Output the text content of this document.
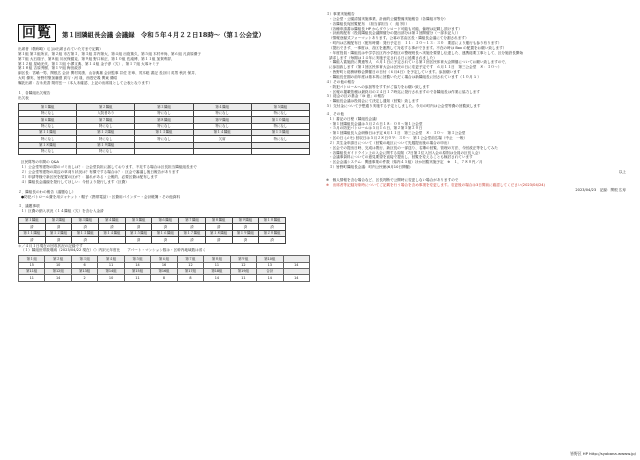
回覧	第１回隣組長会議 会議録　令和５年４月２２日18時～（第１公会堂）

出席者（敬称略）（[ ]は出席されていた方まで記載）

第１組 第３組所京、第２組 市古第３、第３組 井内第大、第４組 出島篤久、第５組 木村幸尚、第６組 凡高原優子

第７組 大石瑞子、第８組 川尻保健克、第９組 野口和正、第１０組 佐滝博、第１１組 加賀利昇、

第１２組 星崎光代、第１３組 小澤又典、第１４組 金子淳（欠）、第１７組 大塚キミ子

第１８組 吉原秀樹、第１９組 梅田政彦

副区長：宮嶋一男、関根広 会計 関村英康、山谷典雄 会計監事 井佐 宏章、茂木聡 書記 長谷川 英男 秋沢 保井、

大町 優実、皆野村聖加藤澄 貢与・河 哉、西巻史義 関東 優昭

嘱託出席：吉永美香 岡村岳一（本人未確認、上記の出席員として公表となります）

１．各隣組出欠報告
出欠表
第１隣組	第２隣組	第３隣組	第４隣組	第５隣組
特になし	入院者あり	特になし	特になし	特になし
第６隣組	第７隣組	第８隣組	第９隣組	第１０隣組
特になし	特になし	特になし	特になし	特になし
第１１隣組	第１２隣組	第１３隣組	第１４隣組	第１５隣組
特になし	特になし	特になし	欠席	特になし
第１８隣組	第１９隣組			
特になし	特になし			

区民隊等の年間の Q&A

１）公会堂等建物の際のゴミ出しは？：公会堂負担に漏しております、不足する場合は区長担当隣組組長まで

２）公会堂等建物の周辺の草刈り状況は？有償でする場合は？：区会で審議し後日報告があります

３）申請等様で新区民を配置の区が？：漏れがある・公報的、必要区費は配布します

４）隣組長会議録を発行してほしい：今回より発行します（区費）

２．隣組長のわの報告（議題なし）

●防犯パトロール費を用ジャケット・帽子（携帯電話）・区費用パインダー・会計帳簿・その他資料

３．議題事項

１）区費の納入状況（１４隣組（欠）を含む入金済

第１隣組	第２隣組	第３隣組	第４隣組	第５隣組	第６隣組	第７隣組	第８隣組	第９隣組	第１０隣組
済	済	済	済	済	済	済	済	済	済
第１１隣組	第１２隣組	第１３隣組	第１４隣組	第１５隣組	第１６隣組	第１７隣組	第１８隣組	第１９隣組	第２０隣組
済	済	済		済	済	済	済	済	済

＊／４月１日現在の回収状況の記録です

（１）隣組世帯数増減（2023/04/22 現在）（）内訳元年度比　　アパート・マンション数は・区幹内地域数は省く

第１組	第２組	第３組	第４組	第５組	第６組	第７組	第８組	第９組	第10組	
15	10	6	11	14	16	12	11	12	13	14
第11組	第12組	第13組	第14組	第15組	第16組	第17組	第18組	第19組	合計	
11	14	2	10	11	8	8	14	11	14	14

３）事業実施報告

・公会堂・公園清掃実施事業、計画的公園整備実施報告（各隣組平等分）

・各隣組長宛回覧配布　（担当部担当（　組 別））

（各種申請書は隣組長 HP からダウンロード可能も可能、倫理は記載し頂けます）

・計画的配布（役員隣組長会議開催分の提出部分は第３回開催分（一部未記入））

（情報登録式フォーマットあります。公募の宮由区長・隣組長会議にて分割されます）

・町内は広報配布日（配布時期：発行予定日　１１：３０～１３：３０　要認により運行も参り有ります）

（提出できず、一事度は、各区を連携して対応する事ができます。不在の時は Box の配置をお願い致します）

・年度役員・隣組長は中学学区区内小学校区の整理班長へ実施を要望し伝達した、連携総要工事として、区分施設長開始

請求します（毎期は１４年に実施予定される日に延期されました）

・隣組入賞施設に関連等人　６月１日に予定されている第１回区民体育大会開催についてお願い致しますので、

に参加致します（第１回区民体育大会は区民の日に変更予定です　６月１１日　第三公会堂　８：３０～）

・皆野町と総務研修会開催日の日付（６月4日）を予定しています。参加願います

・隣組長任期の前年度は基本的に回覧いただく場合は新隣組長に回されています（１０月 1 ）

４）その他の報告

・防犯パトロールへの参加等をすすがご協力をお願い致します

・区報の掲載依頼は最終月の２４日１７時迄に発行されますので各隣組長は作業に協力します

５）総会の区の基金「ゆ 意」の報告

・隣組長会議は役員会にて決定し通知（回覧）致します

５）交付金について予想通り実施する予定としました。今月の町内は公会堂等費の回覧致します

４．その他

１）書記の日程（隣組長会議）

・第１回隣組長会議は５月２６日１８：００～第１公会堂

・５月の防犯パトロールは５月１６日、第２第５第２０日

・第１回隣組長入会研修日は予定 6月１１日　第三公会堂　８：３０～　第３公会堂

・区の日 (メモ) 回収日は５月２８日０９：３０～　第１公会堂前広場（中止　一般）

２）共生金申請日について（回覧の地区について先週提出後の場合の申出）

・区会での提出日時、完成は既行、新区長の一部送り、名簿の回覧、管理の方法、今回改正等をしてみた

・各隣組長ガイドライン上の入会に関する周知（7日第３位入回入会の原則は全員の区長入会）

・会議事資料についての意見要望を直接で提出し、回覧を変えることも検討されています

・区会会議システム：関連事業の件数（県内４５組）ほか回覧実施予定　※　１，７８０円／月

３）皆野町隣組長会議：町内公民館(6月10日開催)

以上

※　個人情報を含む場合など、区長判断で公開時に変更しない場合がありますので

※　出席者等記録対象時についてご記載を行う場合を含め事項を変更します。変更後の場合は3日間前に確認してください(2023/04/24)

2023/04/23　記録：関根 広寿

皆野区 HP http://syobana.wwww.jp/
